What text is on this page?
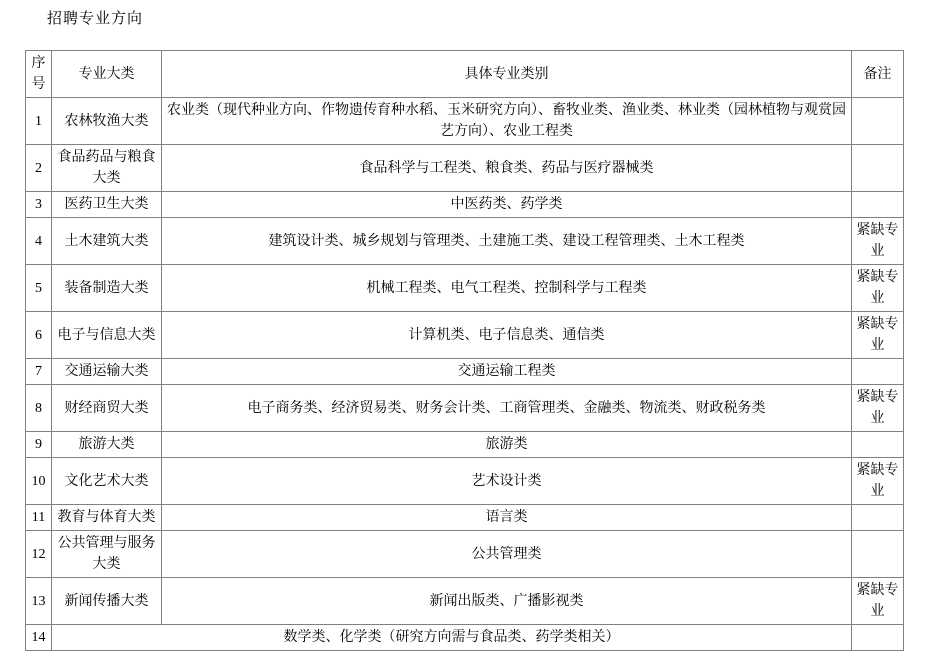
招聘专业方向
序号	专业大类	具体专业类别	备注
1	农林牧渔大类	农业类（现代种业方向、作物遗传育种水稻、玉米研究方向）、畜牧业类、渔业类、林业类（园林植物与观赏园艺方向）、农业工程类	
2	食品药品与粮食大类	食品科学与工程类、粮食类、药品与医疗器械类	
3	医药卫生大类	中医药类、药学类	
4	土木建筑大类	建筑设计类、城乡规划与管理类、土建施工类、建设工程管理类、土木工程类	紧缺专业
5	装备制造大类	机械工程类、电气工程类、控制科学与工程类	紧缺专业
6	电子与信息大类	计算机类、电子信息类、通信类	紧缺专业
7	交通运输大类	交通运输工程类	
8	财经商贸大类	电子商务类、经济贸易类、财务会计类、工商管理类、金融类、物流类、财政税务类	紧缺专业
9	旅游大类	旅游类	
10	文化艺术大类	艺术设计类	紧缺专业
11	教育与体育大类	语言类	
12	公共管理与服务大类	公共管理类	
13	新闻传播大类	新闻出版类、广播影视类	紧缺专业
14	数学类、化学类（研究方向需与食品类、药学类相关）		
